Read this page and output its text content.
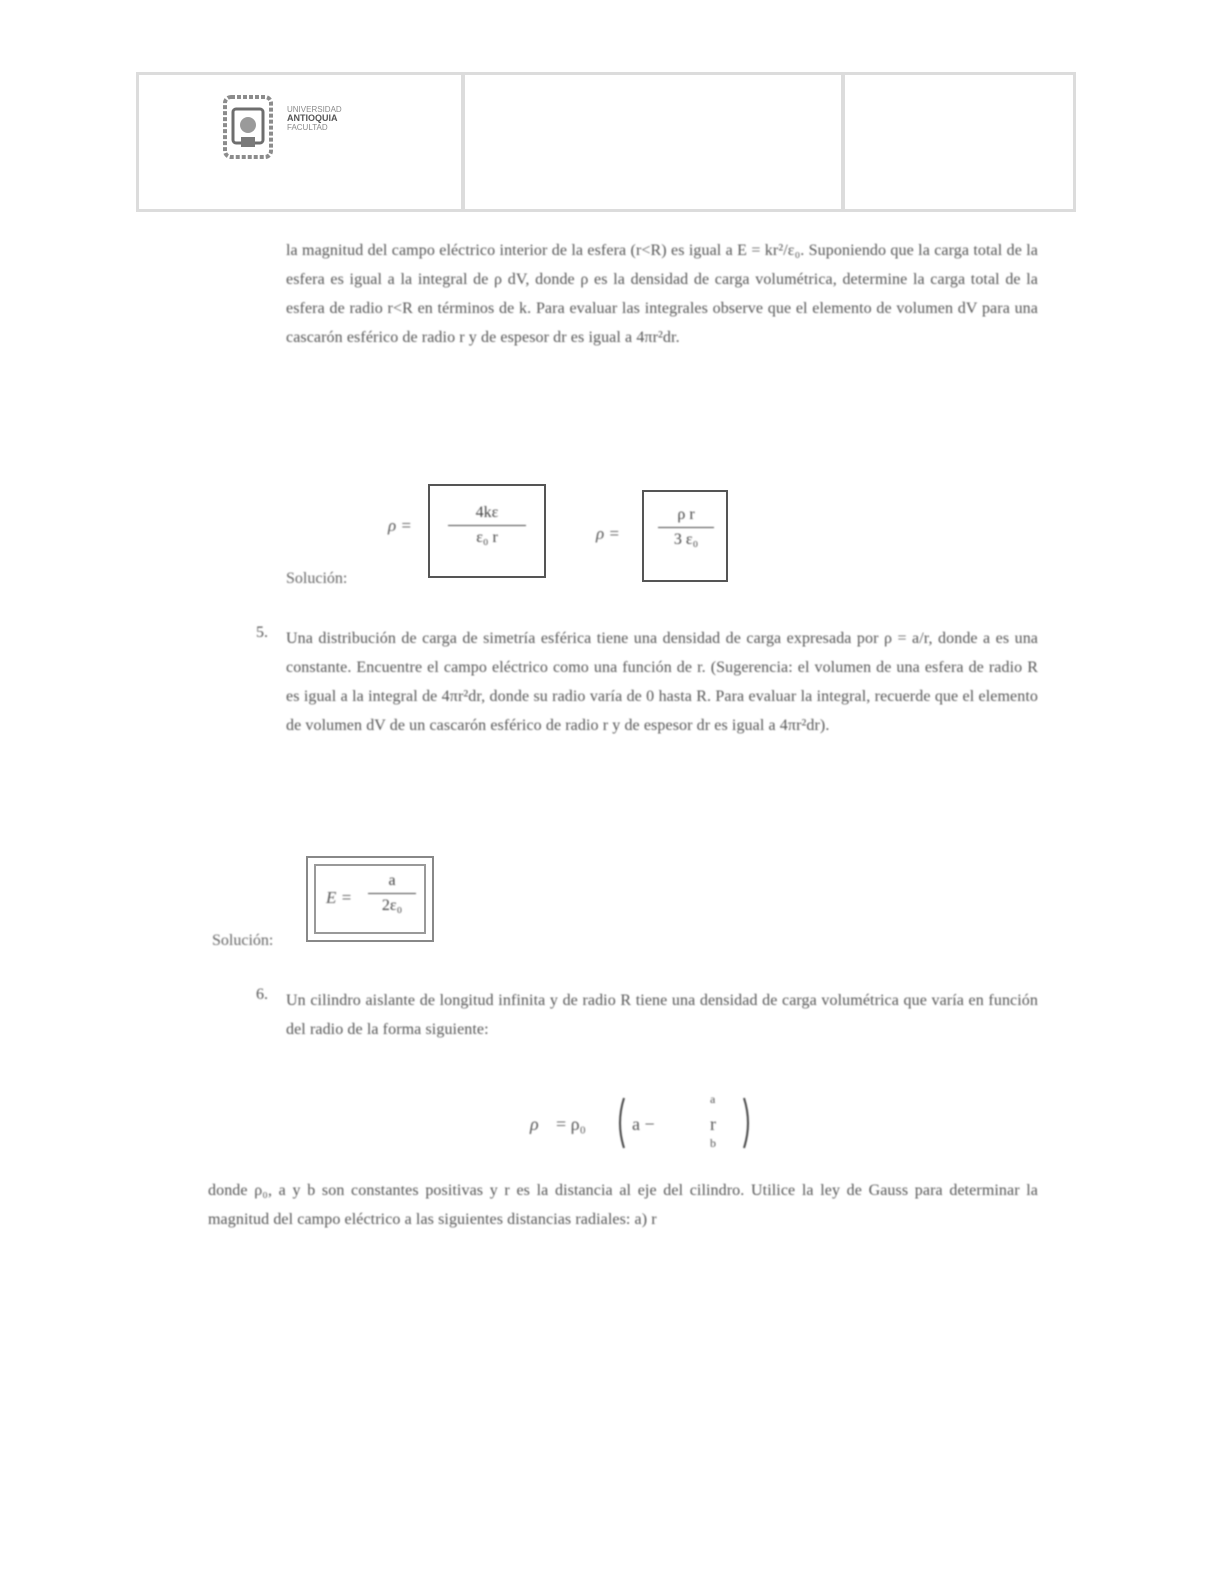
UNIVERSIDAD
ANTIOQUIA
FACULTAD
la magnitud del campo eléctrico interior de la esfera (r<R) es igual a E = kr²/ε₀. Suponiendo que la carga total de la esfera es igual a la integral de ρ dV, donde ρ es la densidad de carga volumétrica, determine la carga total de la esfera de radio r<R en términos de k. Para evaluar las integrales observe que el elemento de volumen dV para una cascarón esférico de radio r y de espesor dr es igual a 4πr²dr.
ρ =
4kε
ε₀ r	ρ =
ρ r
3 ε₀
Solución:
5. Una distribución de carga de simetría esférica tiene una densidad de carga expresada por ρ = a/r, donde a es una constante. Encuentre el campo eléctrico como una función de r. (Sugerencia: el volumen de una esfera de radio R es igual a la integral de 4πr²dr, donde su radio varía de 0 hasta R. Para evaluar la integral, recuerde que el elemento de volumen dV de un cascarón esférico de radio r y de espesor dr es igual a 4πr²dr).
E =
a
2ε₀
Solución:
6. Un cilindro aislante de longitud infinita y de radio R tiene una densidad de carga volumétrica que varía en función del radio de la forma siguiente:
ρ = ρ₀	a −
a
r
b
donde ρ₀, a y b son constantes positivas y r es la distancia al eje del cilindro. Utilice la ley de Gauss para determinar la magnitud del campo eléctrico a las siguientes distancias radiales: a) r
